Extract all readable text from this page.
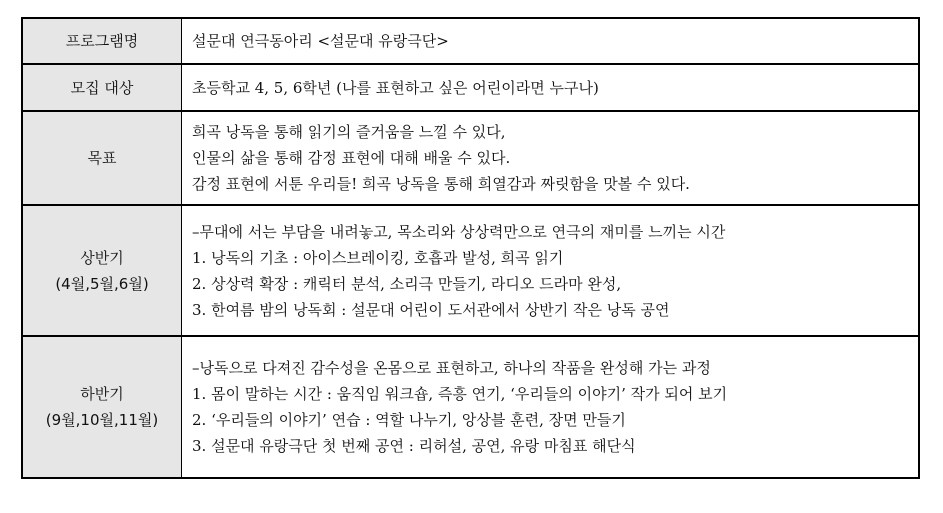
프로그램명	설문대 연극동아리 <설문대 유랑극단>

모집 대상	초등학교 4, 5, 6학년 (나를 표현하고 싶은 어린이라면 누구나)

목표	희곡 낭독을 통해 읽기의 즐거움을 느낄 수 있다,
인물의 삶을 통해 감정 표현에 대해 배울 수 있다.
감정 표현에 서툰 우리들! 희곡 낭독을 통해 희열감과 짜릿함을 맛볼 수 있다.

상반기
(4월,5월,6월)	–무대에 서는 부담을 내려놓고, 목소리와 상상력만으로 연극의 재미를 느끼는 시간
1. 낭독의 기초 : 아이스브레이킹, 호흡과 발성, 희곡 읽기
2. 상상력 확장 : 캐릭터 분석, 소리극 만들기, 라디오 드라마 완성,
3. 한여름 밤의 낭독회 : 설문대 어린이 도서관에서 상반기 작은 낭독 공연

하반기
(9월,10월,11월)	–낭독으로 다져진 감수성을 온몸으로 표현하고, 하나의 작품을 완성해 가는 과정
1. 몸이 말하는 시간 : 움직임 워크숍, 즉흥 연기, ‘우리들의 이야기’ 작가 되어 보기
2. ‘우리들의 이야기’ 연습 : 역할 나누기, 앙상블 훈련, 장면 만들기
3. 설문대 유랑극단 첫 번째 공연 : 리허설, 공연, 유랑 마침표 해단식
